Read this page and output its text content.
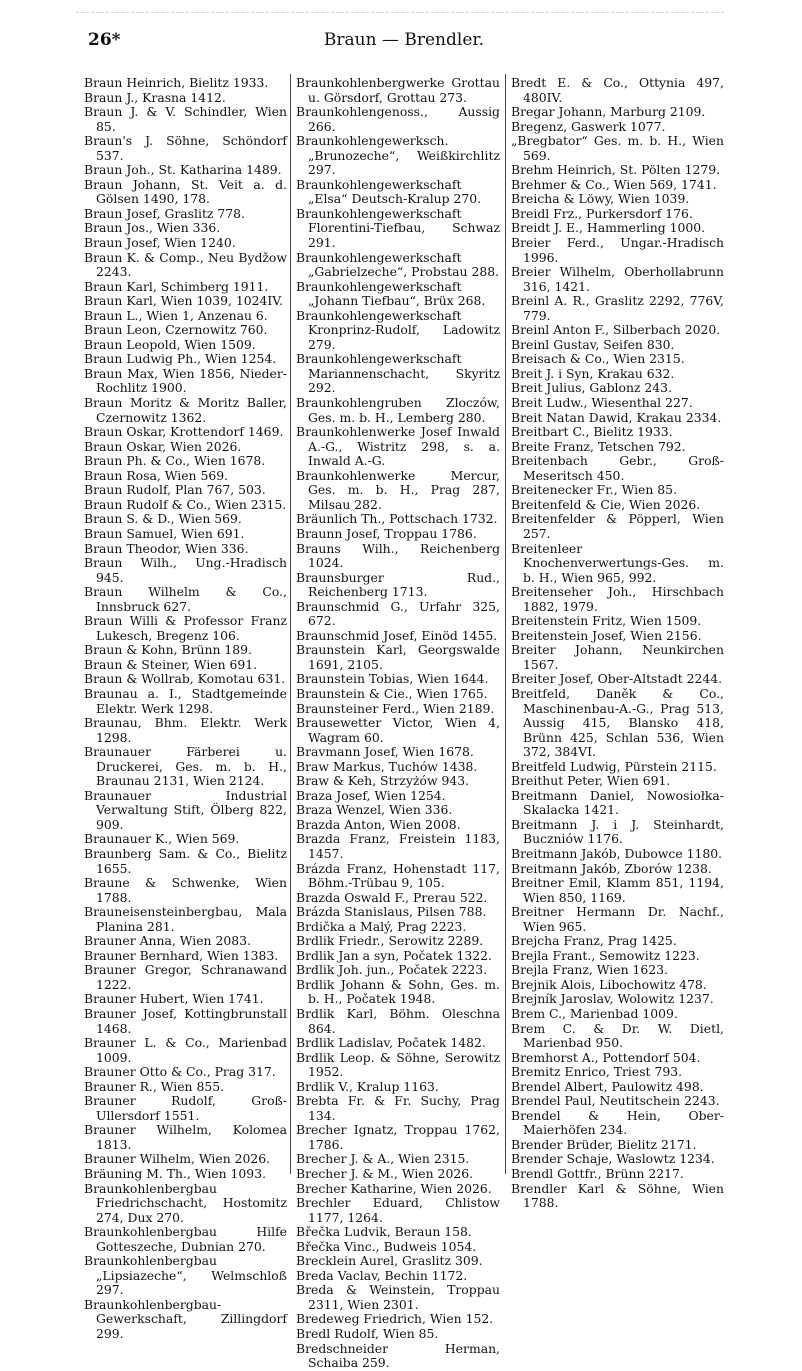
26*	Braun — Brendler.
Braun Heinrich, Bielitz 1933.
Braun J., Krasna 1412.
Braun J. & V. Schindler, Wien 85.
Braun's J. Söhne, Schöndorf 537.
Braun Joh., St. Katharina 1489.
Braun Johann, St. Veit a. d. Gölsen 1490, 178.
Braun Josef, Graslitz 778.
Braun Jos., Wien 336.
Braun Josef, Wien 1240.
Braun K. & Comp., Neu Bydžow 2243.
Braun Karl, Schimberg 1911.
Braun Karl, Wien 1039, 1024IV.
Braun L., Wien 1, Anzenau 6.
Braun Leon, Czernowitz 760.
Braun Leopold, Wien 1509.
Braun Ludwig Ph., Wien 1254.
Braun Max, Wien 1856, Nieder-Rochlitz 1900.
Braun Moritz & Moritz Baller, Czernowitz 1362.
Braun Oskar, Krottendorf 1469.
Braun Oskar, Wien 2026.
Braun Ph. & Co., Wien 1678.
Braun Rosa, Wien 569.
Braun Rudolf, Plan 767, 503.
Braun Rudolf & Co., Wien 2315.
Braun S. & D., Wien 569.
Braun Samuel, Wien 691.
Braun Theodor, Wien 336.
Braun Wilh., Ung.-Hradisch 945.
Braun Wilhelm & Co., Innsbruck 627.
Braun Willi & Professor Franz Lukesch, Bregenz 106.
Braun & Kohn, Brünn 189.
Braun & Steiner, Wien 691.
Braun & Wollrab, Komotau 631.
Braunau a. I., Stadtgemeinde Elektr. Werk 1298.
Braunau, Bhm. Elektr. Werk 1298.
Braunauer Färberei u. Druckerei, Ges. m. b. H., Braunau 2131, Wien 2124.
Braunauer Industrial Verwaltung Stift, Ölberg 822, 909.
Braunauer K., Wien 569.
Braunberg Sam. & Co., Bielitz 1655.
Braune & Schwenke, Wien 1788.
Brauneisensteinbergbau, Mala Planina 281.
Brauner Anna, Wien 2083.
Brauner Bernhard, Wien 1383.
Brauner Gregor, Schranawand 1222.
Brauner Hubert, Wien 1741.
Brauner Josef, Kottingbrunstall 1468.
Brauner L. & Co., Marienbad 1009.
Brauner Otto & Co., Prag 317.
Brauner R., Wien 855.
Brauner Rudolf, Groß-Ullersdorf 1551.
Brauner Wilhelm, Kolomea 1813.
Brauner Wilhelm, Wien 2026.
Bräuning M. Th., Wien 1093.
Braunkohlenbergbau Friedrichschacht, Hostomitz 274, Dux 270.
Braunkohlenbergbau Hilfe Gotteszeche, Dubnian 270.
Braunkohlenbergbau „Lipsiazeche“, Welmschloß 297.
Braunkohlenbergbau-Gewerkschaft, Zillingdorf 299.
Braunkohlenbergwerke Grottau u. Görsdorf, Grottau 273.
Braunkohlengenoss., Aussig 266.
Braunkohlengewerksch. „Brunozeche“, Weißkirchlitz 297.
Braunkohlengewerkschaft „Elsa“ Deutsch-Kralup 270.
Braunkohlengewerkschaft Florentini-Tiefbau, Schwaz 291.
Braunkohlengewerkschaft „Gabrielzeche“, Probstau 288.
Braunkohlengewerkschaft „Johann Tiefbau“, Brüx 268.
Braunkohlengewerkschaft Kronprinz-Rudolf, Ladowitz 279.
Braunkohlengewerkschaft Mariannenschacht, Skyritz 292.
Braunkohlengruben Zloczów, Ges. m. b. H., Lemberg 280.
Braunkohlenwerke Josef Inwald A.-G., Wistritz 298, s. a. Inwald A.-G.
Braunkohlenwerke Mercur, Ges. m. b. H., Prag 287, Milsau 282.
Bräunlich Th., Pottschach 1732.
Braunn Josef, Troppau 1786.
Brauns Wilh., Reichenberg 1024.
Braunsburger Rud., Reichenberg 1713.
Braunschmid G., Urfahr 325, 672.
Braunschmid Josef, Einöd 1455.
Braunstein Karl, Georgswalde 1691, 2105.
Braunstein Tobias, Wien 1644.
Braunstein & Cie., Wien 1765.
Braunsteiner Ferd., Wien 2189.
Brausewetter Victor, Wien 4, Wagram 60.
Bravmann Josef, Wien 1678.
Braw Markus, Tuchów 1438.
Braw & Keh, Strzyżów 943.
Braza Josef, Wien 1254.
Braza Wenzel, Wien 336.
Brazda Anton, Wien 2008.
Brazda Franz, Freistein 1183, 1457.
Brázda Franz, Hohenstadt 117, Böhm.-Trübau 9, 105.
Brazda Oswald F., Prerau 522.
Brázda Stanislaus, Pilsen 788.
Brdička a Malý, Prag 2223.
Brdlik Friedr., Serowitz 2289.
Brdlik Jan a syn, Počatek 1322.
Brdlik Joh. jun., Počatek 2223.
Brdlik Johann & Sohn, Ges. m. b. H., Počatek 1948.
Brdlik Karl, Böhm. Oleschna 864.
Brdlik Ladislav, Počatek 1482.
Brdlik Leop. & Söhne, Serowitz 1952.
Brdlik V., Kralup 1163.
Brebta Fr. & Fr. Suchy, Prag 134.
Brecher Ignatz, Troppau 1762, 1786.
Brecher J. & A., Wien 2315.
Brecher J. & M., Wien 2026.
Brecher Katharine, Wien 2026.
Brechler Eduard, Chlistow 1177, 1264.
Břečka Ludvik, Beraun 158.
Břečka Vinc., Budweis 1054.
Brecklein Aurel, Graslitz 309.
Breda Vaclav, Bechin 1172.
Breda & Weinstein, Troppau 2311, Wien 2301.
Bredeweg Friedrich, Wien 152.
Bredl Rudolf, Wien 85.
Bredschneider Herman, Schaiba 259.
Bredt E. & Co., Ottynia 497, 480IV.
Bregar Johann, Marburg 2109.
Bregenz, Gaswerk 1077.
„Bregbator“ Ges. m. b. H., Wien 569.
Brehm Heinrich, St. Pölten 1279.
Brehmer & Co., Wien 569, 1741.
Breicha & Löwy, Wien 1039.
Breidl Frz., Purkersdorf 176.
Breidt J. E., Hammerling 1000.
Breier Ferd., Ungar.-Hradisch 1996.
Breier Wilhelm, Oberhollabrunn 316, 1421.
Breinl A. R., Graslitz 2292, 776V, 779.
Breinl Anton F., Silberbach 2020.
Breinl Gustav, Seifen 830.
Breisach & Co., Wien 2315.
Breit J. i Syn, Krakau 632.
Breit Julius, Gablonz 243.
Breit Ludw., Wiesenthal 227.
Breit Natan Dawid, Krakau 2334.
Breitbart C., Bielitz 1933.
Breite Franz, Tetschen 792.
Breitenbach Gebr., Groß-Meseritsch 450.
Breitenecker Fr., Wien 85.
Breitenfeld & Cie, Wien 2026.
Breitenfelder & Pöpperl, Wien 257.
Breitenleer Knochenverwertungs-Ges. m. b. H., Wien 965, 992.
Breitenseher Joh., Hirschbach 1882, 1979.
Breitenstein Fritz, Wien 1509.
Breitenstein Josef, Wien 2156.
Breiter Johann, Neunkirchen 1567.
Breiter Josef, Ober-Altstadt 2244.
Breitfeld, Daněk & Co., Maschinenbau-A.-G., Prag 513, Aussig 415, Blansko 418, Brünn 425, Schlan 536, Wien 372, 384VI.
Breitfeld Ludwig, Pürstein 2115.
Breithut Peter, Wien 691.
Breitmann Daniel, Nowosiołka-Skalacka 1421.
Breitmann J. i J. Steinhardt, Buczniów 1176.
Breitmann Jakób, Dubowce 1180.
Breitmann Jakób, Zborów 1238.
Breitner Emil, Klamm 851, 1194, Wien 850, 1169.
Breitner Hermann Dr. Nachf., Wien 965.
Brejcha Franz, Prag 1425.
Brejla Frant., Semowitz 1223.
Brejla Franz, Wien 1623.
Brejnik Alois, Libochowitz 478.
Brejník Jaroslav, Wolowitz 1237.
Brem C., Marienbad 1009.
Brem C. & Dr. W. Dietl, Marienbad 950.
Bremhorst A., Pottendorf 504.
Bremitz Enrico, Triest 793.
Brendel Albert, Paulowitz 498.
Brendel Paul, Neutitschein 2243.
Brendel & Hein, Ober-Maierhöfen 234.
Brender Brüder, Bielitz 2171.
Brender Schaje, Waslowtz 1234.
Brendl Gottfr., Brünn 2217.
Brendler Karl & Söhne, Wien 1788.
